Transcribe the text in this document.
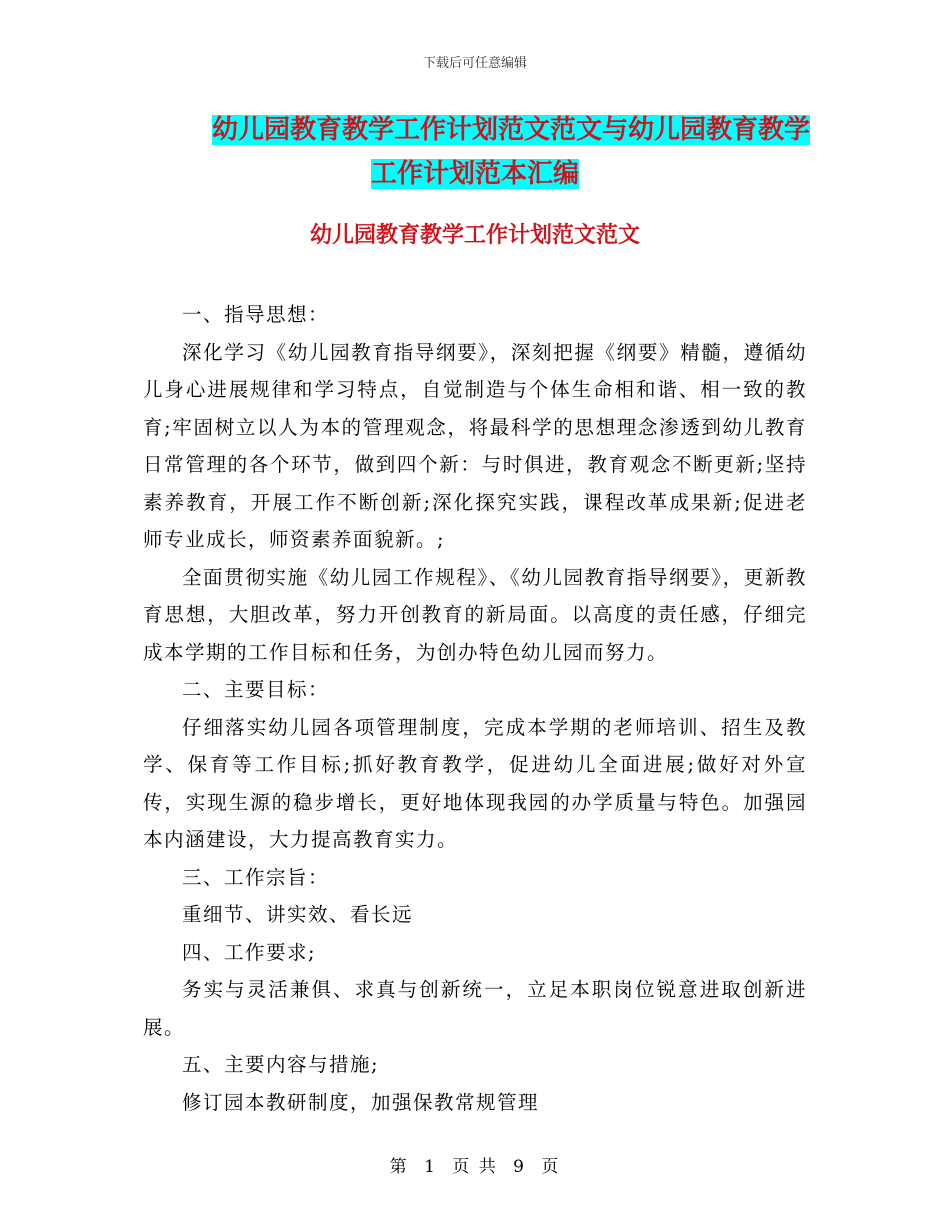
下载后可任意编辑
幼儿园教育教学工作计划范文范文与幼儿园教育教学
工作计划范本汇编
幼儿园教育教学工作计划范文范文

一、指导思想：

深化学习《幼儿园教育指导纲要》，深刻把握《纲要》精髓，遵循幼儿身心进展规律和学习特点，自觉制造与个体生命相和谐、相一致的教育;牢固树立以人为本的管理观念，将最科学的思想理念渗透到幼儿教育日常管理的各个环节，做到四个新：与时俱进，教育观念不断更新;坚持素养教育，开展工作不断创新;深化探究实践，课程改革成果新;促进老师专业成长，师资素养面貌新。;

全面贯彻实施《幼儿园工作规程》、《幼儿园教育指导纲要》，更新教育思想，大胆改革，努力开创教育的新局面。以高度的责任感，仔细完成本学期的工作目标和任务，为创办特色幼儿园而努力。

二、主要目标：

仔细落实幼儿园各项管理制度，完成本学期的老师培训、招生及教学、保育等工作目标;抓好教育教学，促进幼儿全面进展;做好对外宣传，实现生源的稳步增长，更好地体现我园的办学质量与特色。加强园本内涵建设，大力提高教育实力。

三、工作宗旨：

重细节、讲实效、看长远

四、工作要求;

务实与灵活兼俱、求真与创新统一，立足本职岗位锐意进取创新进展。

五、主要内容与措施;

修订园本教研制度，加强保教常规管理

第 1 页 共 9 页
